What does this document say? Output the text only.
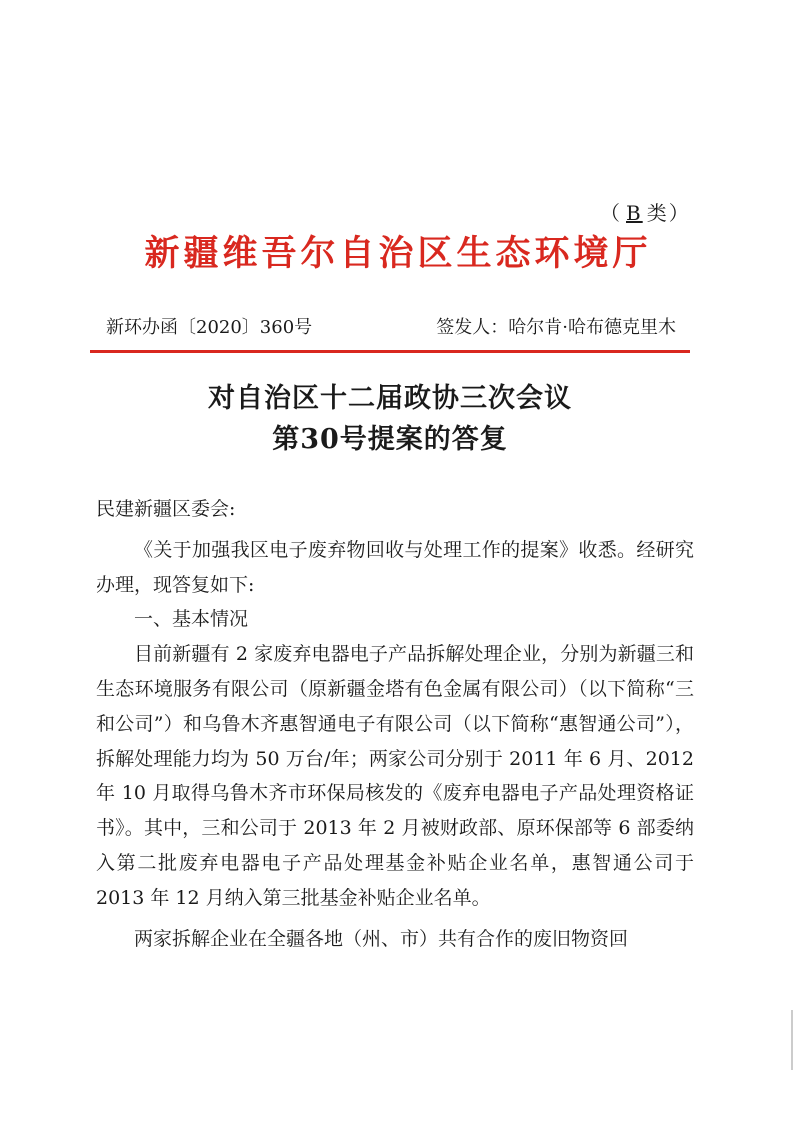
（ B 类）
新疆维吾尔自治区生态环境厅
新环办函〔2020〕360号	签发人：哈尔肯·哈布德克里木
对自治区十二届政协三次会议
第30号提案的答复

民建新疆区委会:

《关于加强我区电子废弃物回收与处理工作的提案》收悉。经研究办理，现答复如下:

一、基本情况

目前新疆有 2 家废弃电器电子产品拆解处理企业，分别为新疆三和生态环境服务有限公司（原新疆金塔有色金属有限公司）（以下简称“三和公司”）和乌鲁木齐惠智通电子有限公司（以下简称“惠智通公司”），拆解处理能力均为 50 万台/年；两家公司分别于 2011 年 6 月、2012 年 10 月取得乌鲁木齐市环保局核发的《废弃电器电子产品处理资格证书》。其中，三和公司于 2013 年 2 月被财政部、原环保部等 6 部委纳入第二批废弃电器电子产品处理基金补贴企业名单，惠智通公司于 2013 年 12 月纳入第三批基金补贴企业名单。

两家拆解企业在全疆各地（州、市）共有合作的废旧物资回
